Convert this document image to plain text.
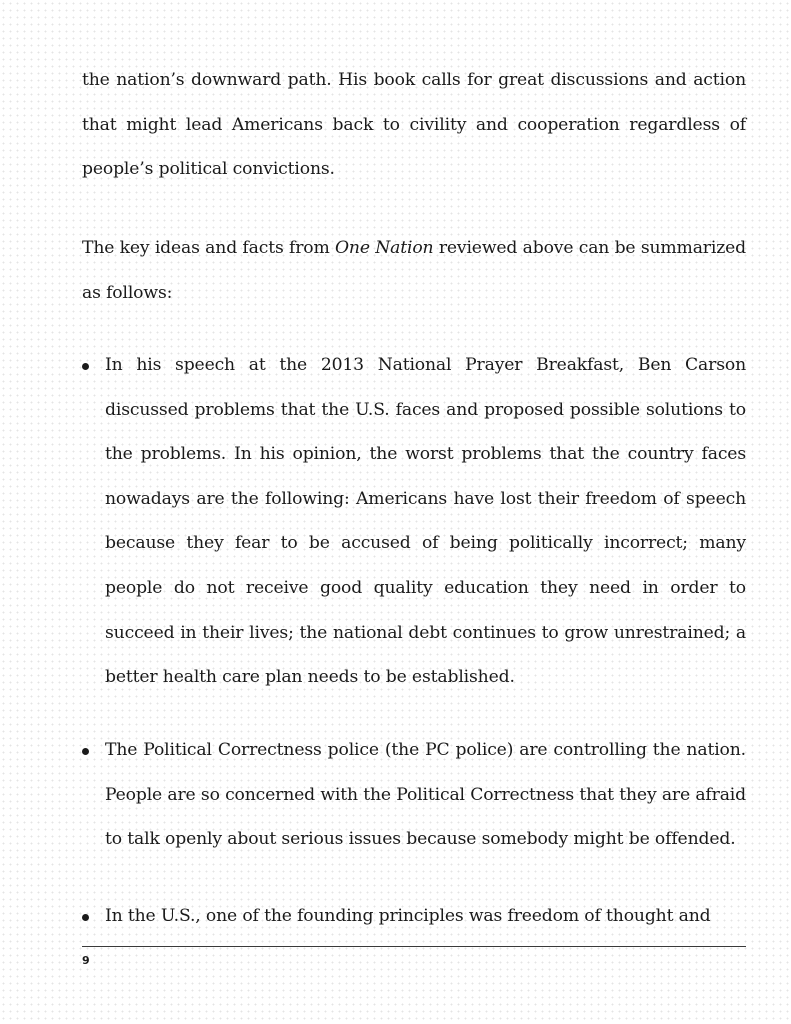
the nation’s downward path. His book calls for great discussions and action that might lead Americans back to civility and cooperation regardless of people’s political convictions.

The key ideas and facts from One Nation reviewed above can be summarized as follows:

In his speech at the 2013 National Prayer Breakfast, Ben Carson discussed problems that the U.S. faces and proposed possible solutions to the problems. In his opinion, the worst problems that the country faces nowadays are the following: Americans have lost their freedom of speech because they fear to be accused of being politically incorrect; many people do not receive good quality education they need in order to succeed in their lives; the national debt continues to grow unrestrained; a better health care plan needs to be established.
The Political Correctness police (the PC police) are controlling the nation. People are so concerned with the Political Correctness that they are afraid to talk openly about serious issues because somebody might be offended.
In the U.S., one of the founding principles was freedom of thought and
9
